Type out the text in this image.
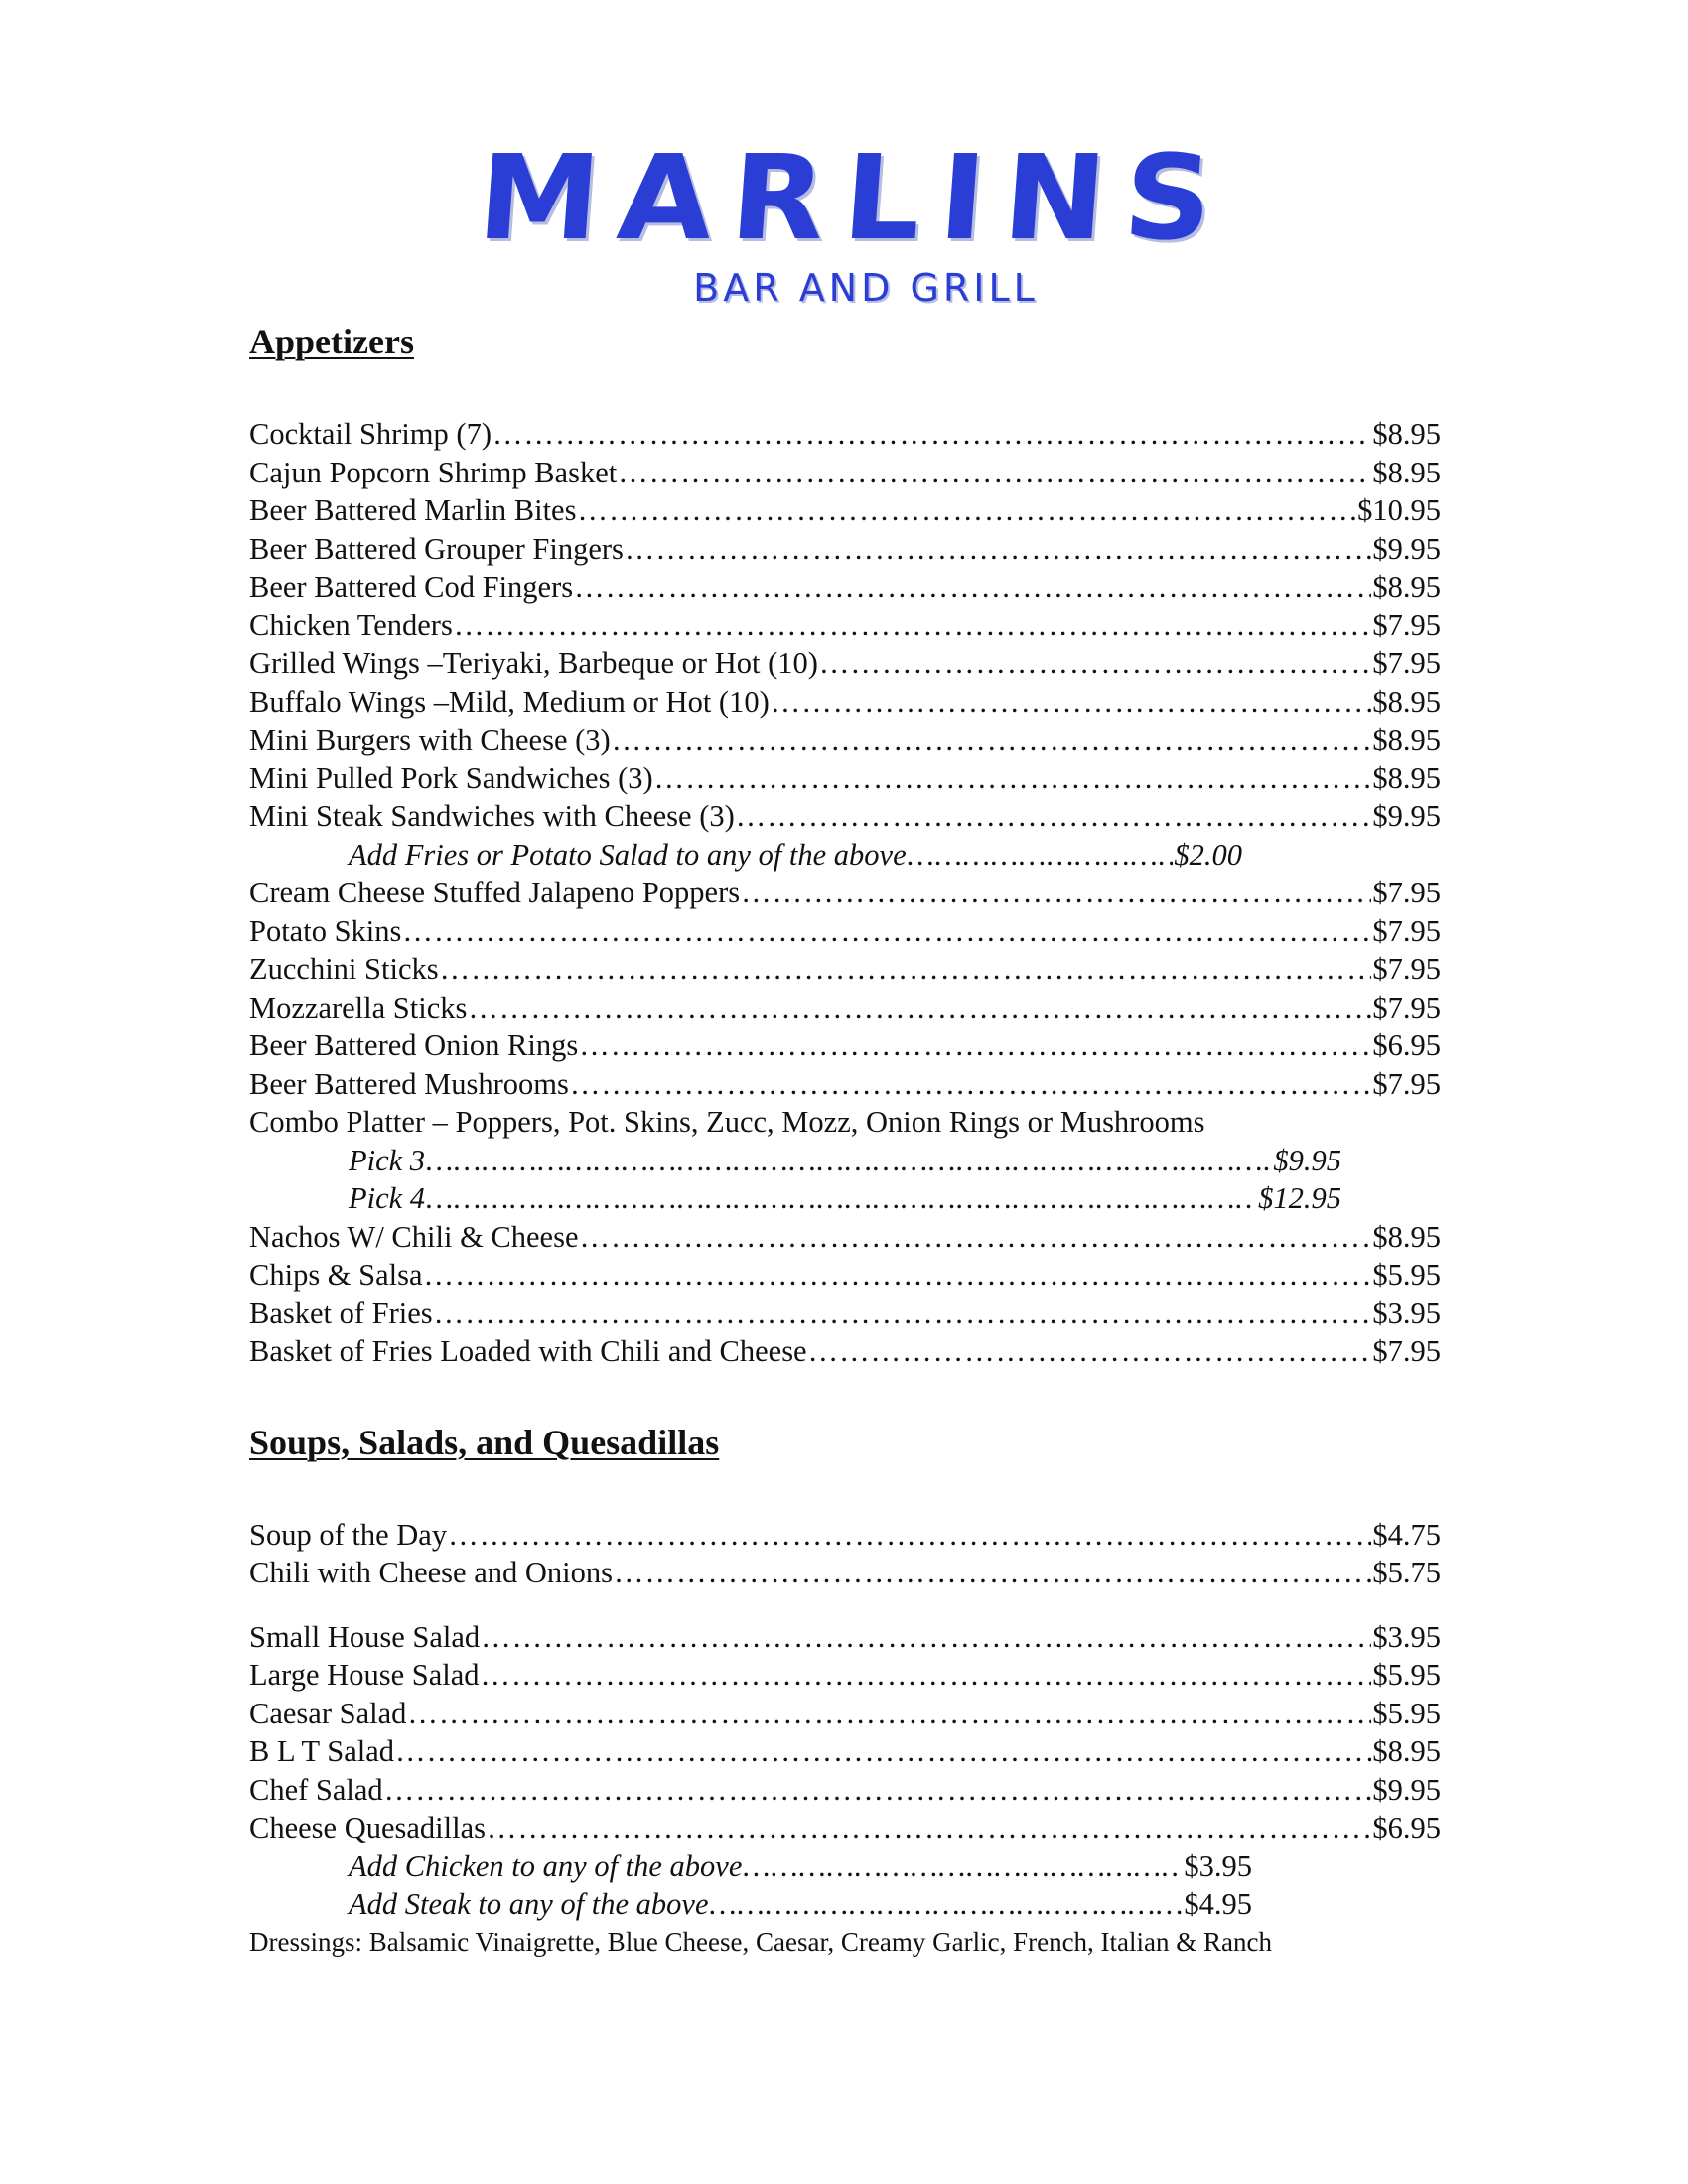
MARLINS
BAR AND GRILL
Appetizers
Cocktail Shrimp (7) ……………………………………………………………………………………………………………………………………………………………………………………………………	$8.95
Cajun Popcorn Shrimp Basket ……………………………………………………………………………………………………………………………………………………………………………………………………	$8.95
Beer Battered Marlin Bites ……………………………………………………………………………………………………………………………………………………………………………………………………	$10.95
Beer Battered Grouper Fingers ……………………………………………………………………………………………………………………………………………………………………………………………………	$9.95
Beer Battered Cod Fingers ……………………………………………………………………………………………………………………………………………………………………………………………………	$8.95
Chicken Tenders ……………………………………………………………………………………………………………………………………………………………………………………………………	$7.95
Grilled Wings –Teriyaki, Barbeque or Hot (10) ……………………………………………………………………………………………………………………………………………………………………………………………………	$7.95
Buffalo Wings –Mild, Medium or Hot (10) ……………………………………………………………………………………………………………………………………………………………………………………………………	$8.95
Mini Burgers with Cheese (3) ……………………………………………………………………………………………………………………………………………………………………………………………………	$8.95
Mini Pulled Pork Sandwiches (3) ……………………………………………………………………………………………………………………………………………………………………………………………………	$8.95
Mini Steak Sandwiches with Cheese (3) ……………………………………………………………………………………………………………………………………………………………………………………………………	$9.95
Add Fries or Potato Salad to any of the above ……………………………………………………………………………………………………………………………………………………………………………………………………	$2.00
Cream Cheese Stuffed Jalapeno Poppers ……………………………………………………………………………………………………………………………………………………………………………………………………	$7.95
Potato Skins ……………………………………………………………………………………………………………………………………………………………………………………………………	$7.95
Zucchini Sticks ……………………………………………………………………………………………………………………………………………………………………………………………………	$7.95
Mozzarella Sticks ……………………………………………………………………………………………………………………………………………………………………………………………………	$7.95
Beer Battered Onion Rings ……………………………………………………………………………………………………………………………………………………………………………………………………	$6.95
Beer Battered Mushrooms ……………………………………………………………………………………………………………………………………………………………………………………………………	$7.95
Combo Platter – Poppers, Pot. Skins, Zucc, Mozz, Onion Rings or Mushrooms
Pick 3 ……………………………………………………………………………………………………………………………………………………………………………………………………	$9.95
Pick 4 ……………………………………………………………………………………………………………………………………………………………………………………………………	$12.95
Nachos W/ Chili & Cheese ……………………………………………………………………………………………………………………………………………………………………………………………………	$8.95
Chips & Salsa ……………………………………………………………………………………………………………………………………………………………………………………………………	$5.95
Basket of Fries ……………………………………………………………………………………………………………………………………………………………………………………………………	$3.95
Basket of Fries Loaded with Chili and Cheese ……………………………………………………………………………………………………………………………………………………………………………………………………	$7.95
Soups, Salads, and Quesadillas
Soup of the Day ……………………………………………………………………………………………………………………………………………………………………………………………………	$4.75
Chili with Cheese and Onions ……………………………………………………………………………………………………………………………………………………………………………………………………	$5.75
Small House Salad ……………………………………………………………………………………………………………………………………………………………………………………………………	$3.95
Large House Salad ……………………………………………………………………………………………………………………………………………………………………………………………………	$5.95
Caesar Salad ……………………………………………………………………………………………………………………………………………………………………………………………………	$5.95
B L T Salad ……………………………………………………………………………………………………………………………………………………………………………………………………	$8.95
Chef Salad ……………………………………………………………………………………………………………………………………………………………………………………………………	$9.95
Cheese Quesadillas ……………………………………………………………………………………………………………………………………………………………………………………………………	$6.95
Add Chicken to any of the above ……………………………………………………………………………………………………………………………………………………………………………………………………	$3.95
Add Steak to any of the above ……………………………………………………………………………………………………………………………………………………………………………………………………	$4.95
Dressings: Balsamic Vinaigrette, Blue Cheese, Caesar, Creamy Garlic, French, Italian & Ranch
